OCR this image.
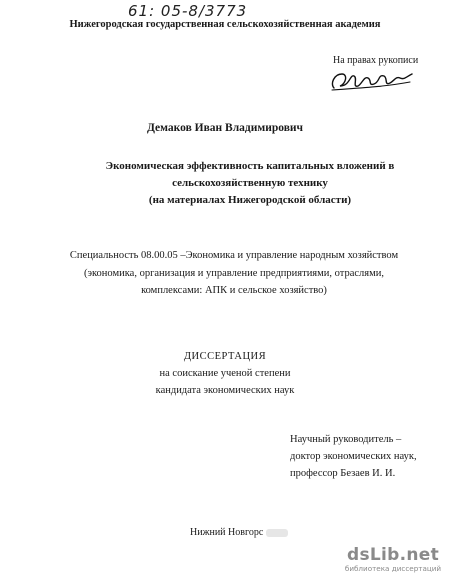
61: 05-8/3773
Нижегородская государственная сельскохозяйственная академия
На правах рукописи
Демаков Иван Владимирович
Экономическая эффективность капитальных вложений в
сельскохозяйственную технику
(на материалах Нижегородской области)
Специальность 08.00.05 –Экономика и управление народным хозяйством
(экономика, организация и управление предприятиями, отраслями,
комплексами: АПК и сельское хозяйство)
ДИССЕРТАЦИЯ
на соискание ученой степени
кандидата экономических наук
Научный руководитель –
доктор экономических наук,
профессор Безаев И. И.
Нижний Новгорс
dsLib.net
библиотека диссертаций
